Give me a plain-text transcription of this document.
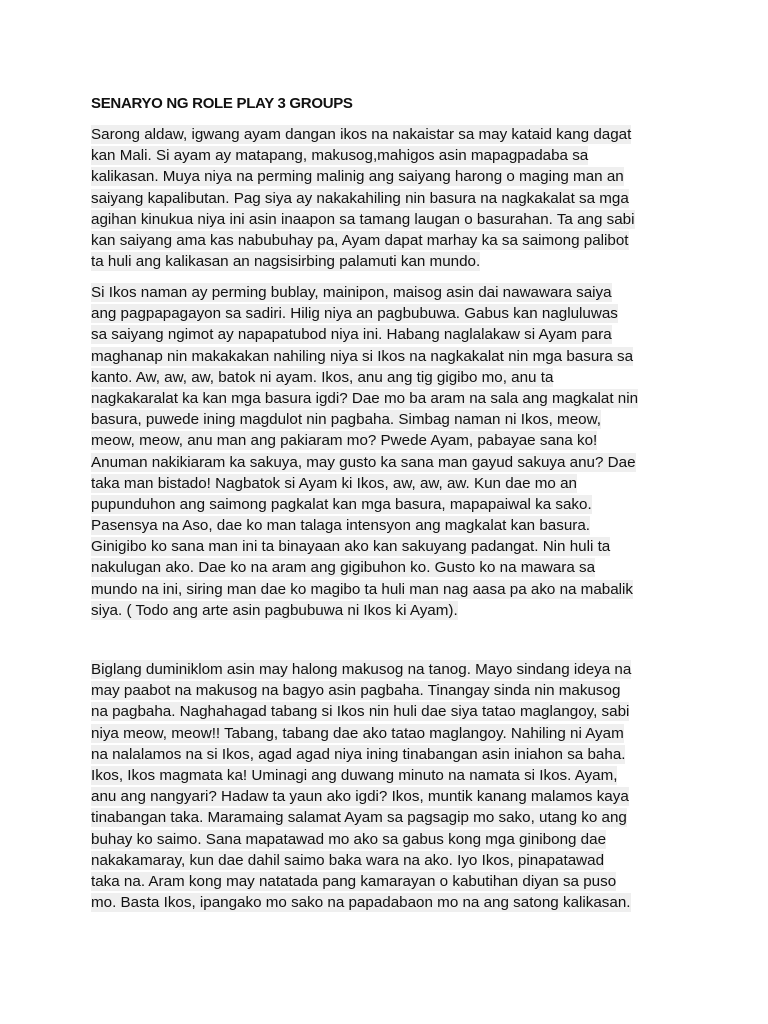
SENARYO NG ROLE PLAY 3 GROUPS
Sarong aldaw, igwang ayam dangan ikos na nakaistar sa may kataid kang dagat
kan Mali. Si ayam ay matapang, makusog,mahigos asin mapagpadaba sa
kalikasan. Muya niya na perming malinig ang saiyang harong o maging man an
saiyang kapalibutan. Pag siya ay nakakahiling nin basura na nagkakalat sa mga
agihan kinukua niya ini asin inaapon sa tamang laugan o basurahan. Ta ang sabi
kan saiyang ama kas nabubuhay pa, Ayam dapat marhay ka sa saimong palibot
ta huli ang kalikasan an nagsisirbing palamuti kan mundo.
Si Ikos naman ay perming bublay, mainipon, maisog asin dai nawawara saiya
ang pagpapagayon sa sadiri. Hilig niya an pagbubuwa. Gabus kan nagluluwas
sa saiyang ngimot ay napapatubod niya ini. Habang naglalakaw si Ayam para
maghanap nin makakakan nahiling niya si Ikos na nagkakalat nin mga basura sa
kanto. Aw, aw, aw, batok ni ayam. Ikos, anu ang tig gigibo mo, anu ta
nagkakaralat ka kan mga basura igdi? Dae mo ba aram na sala ang magkalat nin
basura, puwede ining magdulot nin pagbaha. Simbag naman ni Ikos, meow,
meow, meow, anu man ang pakiaram mo? Pwede Ayam, pabayae sana ko!
Anuman nakikiaram ka sakuya, may gusto ka sana man gayud sakuya anu? Dae
taka man bistado! Nagbatok si Ayam ki Ikos, aw, aw, aw. Kun dae mo an
pupunduhon ang saimong pagkalat kan mga basura, mapapaiwal ka sako.
Pasensya na Aso, dae ko man talaga intensyon ang magkalat kan basura.
Ginigibo ko sana man ini ta binayaan ako kan sakuyang padangat. Nin huli ta
nakulugan ako. Dae ko na aram ang gigibuhon ko. Gusto ko na mawara sa
mundo na ini, siring man dae ko magibo ta huli man nag aasa pa ako na mabalik
siya. ( Todo ang arte asin pagbubuwa ni Ikos ki Ayam).
Biglang duminiklom asin may halong makusog na tanog. Mayo sindang ideya na
may paabot na makusog na bagyo asin pagbaha. Tinangay sinda nin makusog
na pagbaha. Naghahagad tabang si Ikos nin huli dae siya tatao maglangoy, sabi
niya meow, meow!! Tabang, tabang dae ako tatao maglangoy. Nahiling ni Ayam
na nalalamos na si Ikos, agad agad niya ining tinabangan asin iniahon sa baha.
Ikos, Ikos magmata ka! Uminagi ang duwang minuto na namata si Ikos. Ayam,
anu ang nangyari? Hadaw ta yaun ako igdi? Ikos, muntik kanang malamos kaya
tinabangan taka. Maramaing salamat Ayam sa pagsagip mo sako, utang ko ang
buhay ko saimo. Sana mapatawad mo ako sa gabus kong mga ginibong dae
nakakamaray, kun dae dahil saimo baka wara na ako. Iyo Ikos, pinapatawad
taka na. Aram kong may natatada pang kamarayan o kabutihan diyan sa puso
mo. Basta Ikos, ipangako mo sako na papadabaon mo na ang satong kalikasan.
